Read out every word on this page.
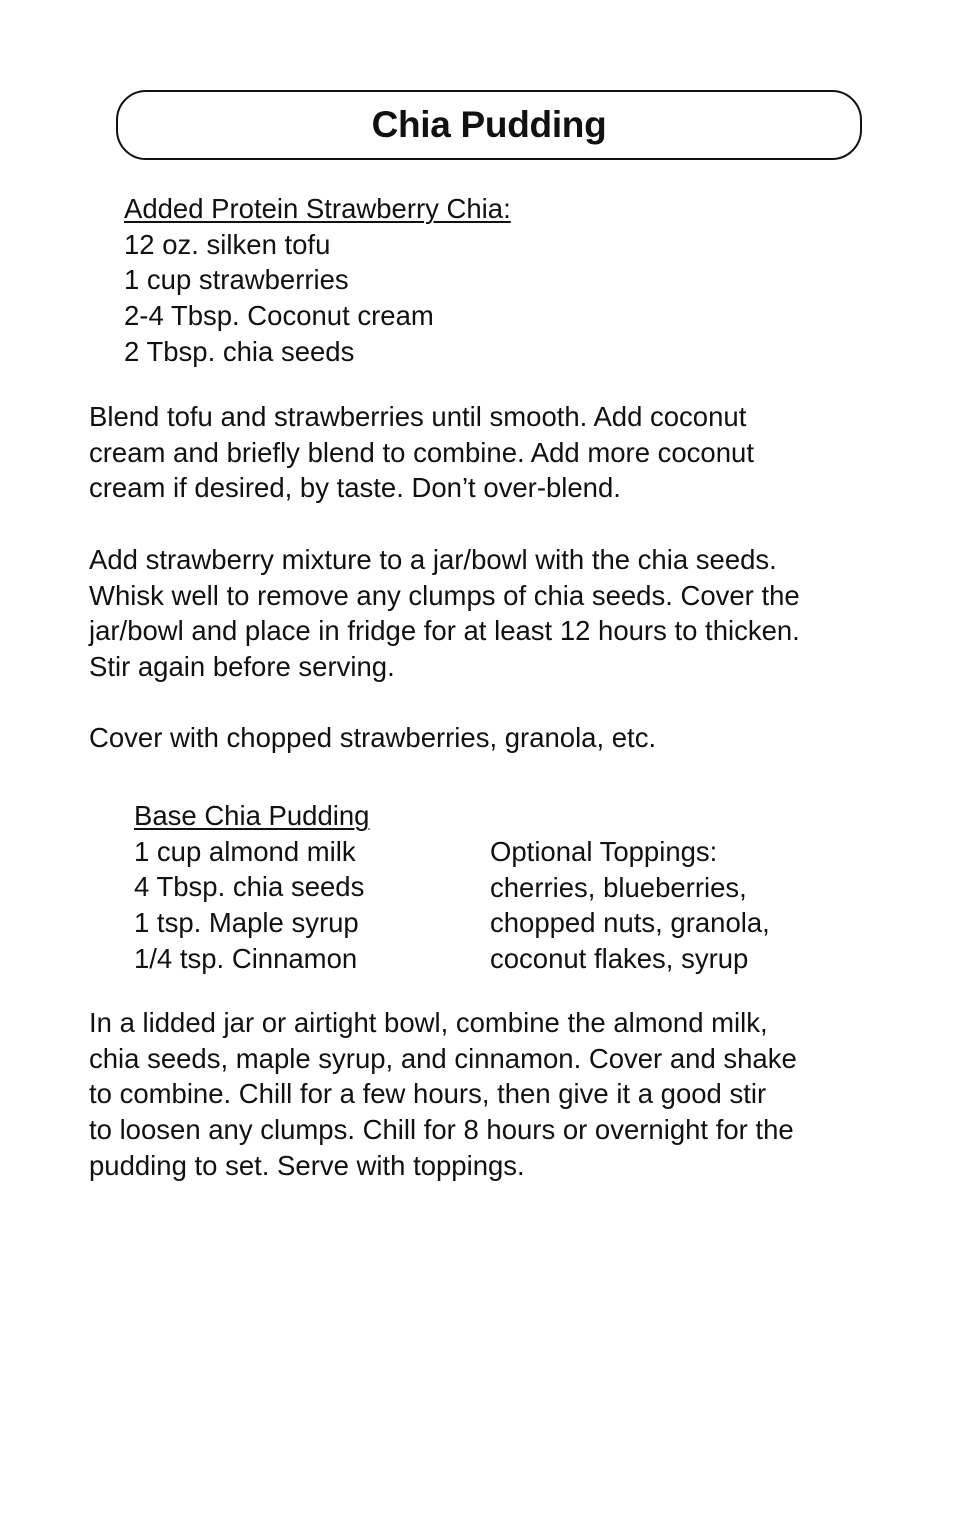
Chia Pudding
Added Protein Strawberry Chia:
12 oz. silken tofu
1 cup strawberries
2-4 Tbsp. Coconut cream
2 Tbsp. chia seeds
Blend tofu and strawberries until smooth. Add coconut
cream and briefly blend to combine. Add more coconut
cream if desired, by taste. Don’t over-blend.
Add strawberry mixture to a jar/bowl with the chia seeds.
Whisk well to remove any clumps of chia seeds. Cover the
jar/bowl and place in fridge for at least 12 hours to thicken.
Stir again before serving.
Cover with chopped strawberries, granola, etc.
Base Chia Pudding
1 cup almond milk
4 Tbsp. chia seeds
1 tsp. Maple syrup
1/4 tsp. Cinnamon
Optional Toppings:
cherries, blueberries,
chopped nuts, granola,
coconut flakes, syrup
In a lidded jar or airtight bowl, combine the almond milk,
chia seeds, maple syrup, and cinnamon. Cover and shake
to combine. Chill for a few hours, then give it a good stir
to loosen any clumps. Chill for 8 hours or overnight for the
pudding to set. Serve with toppings.
